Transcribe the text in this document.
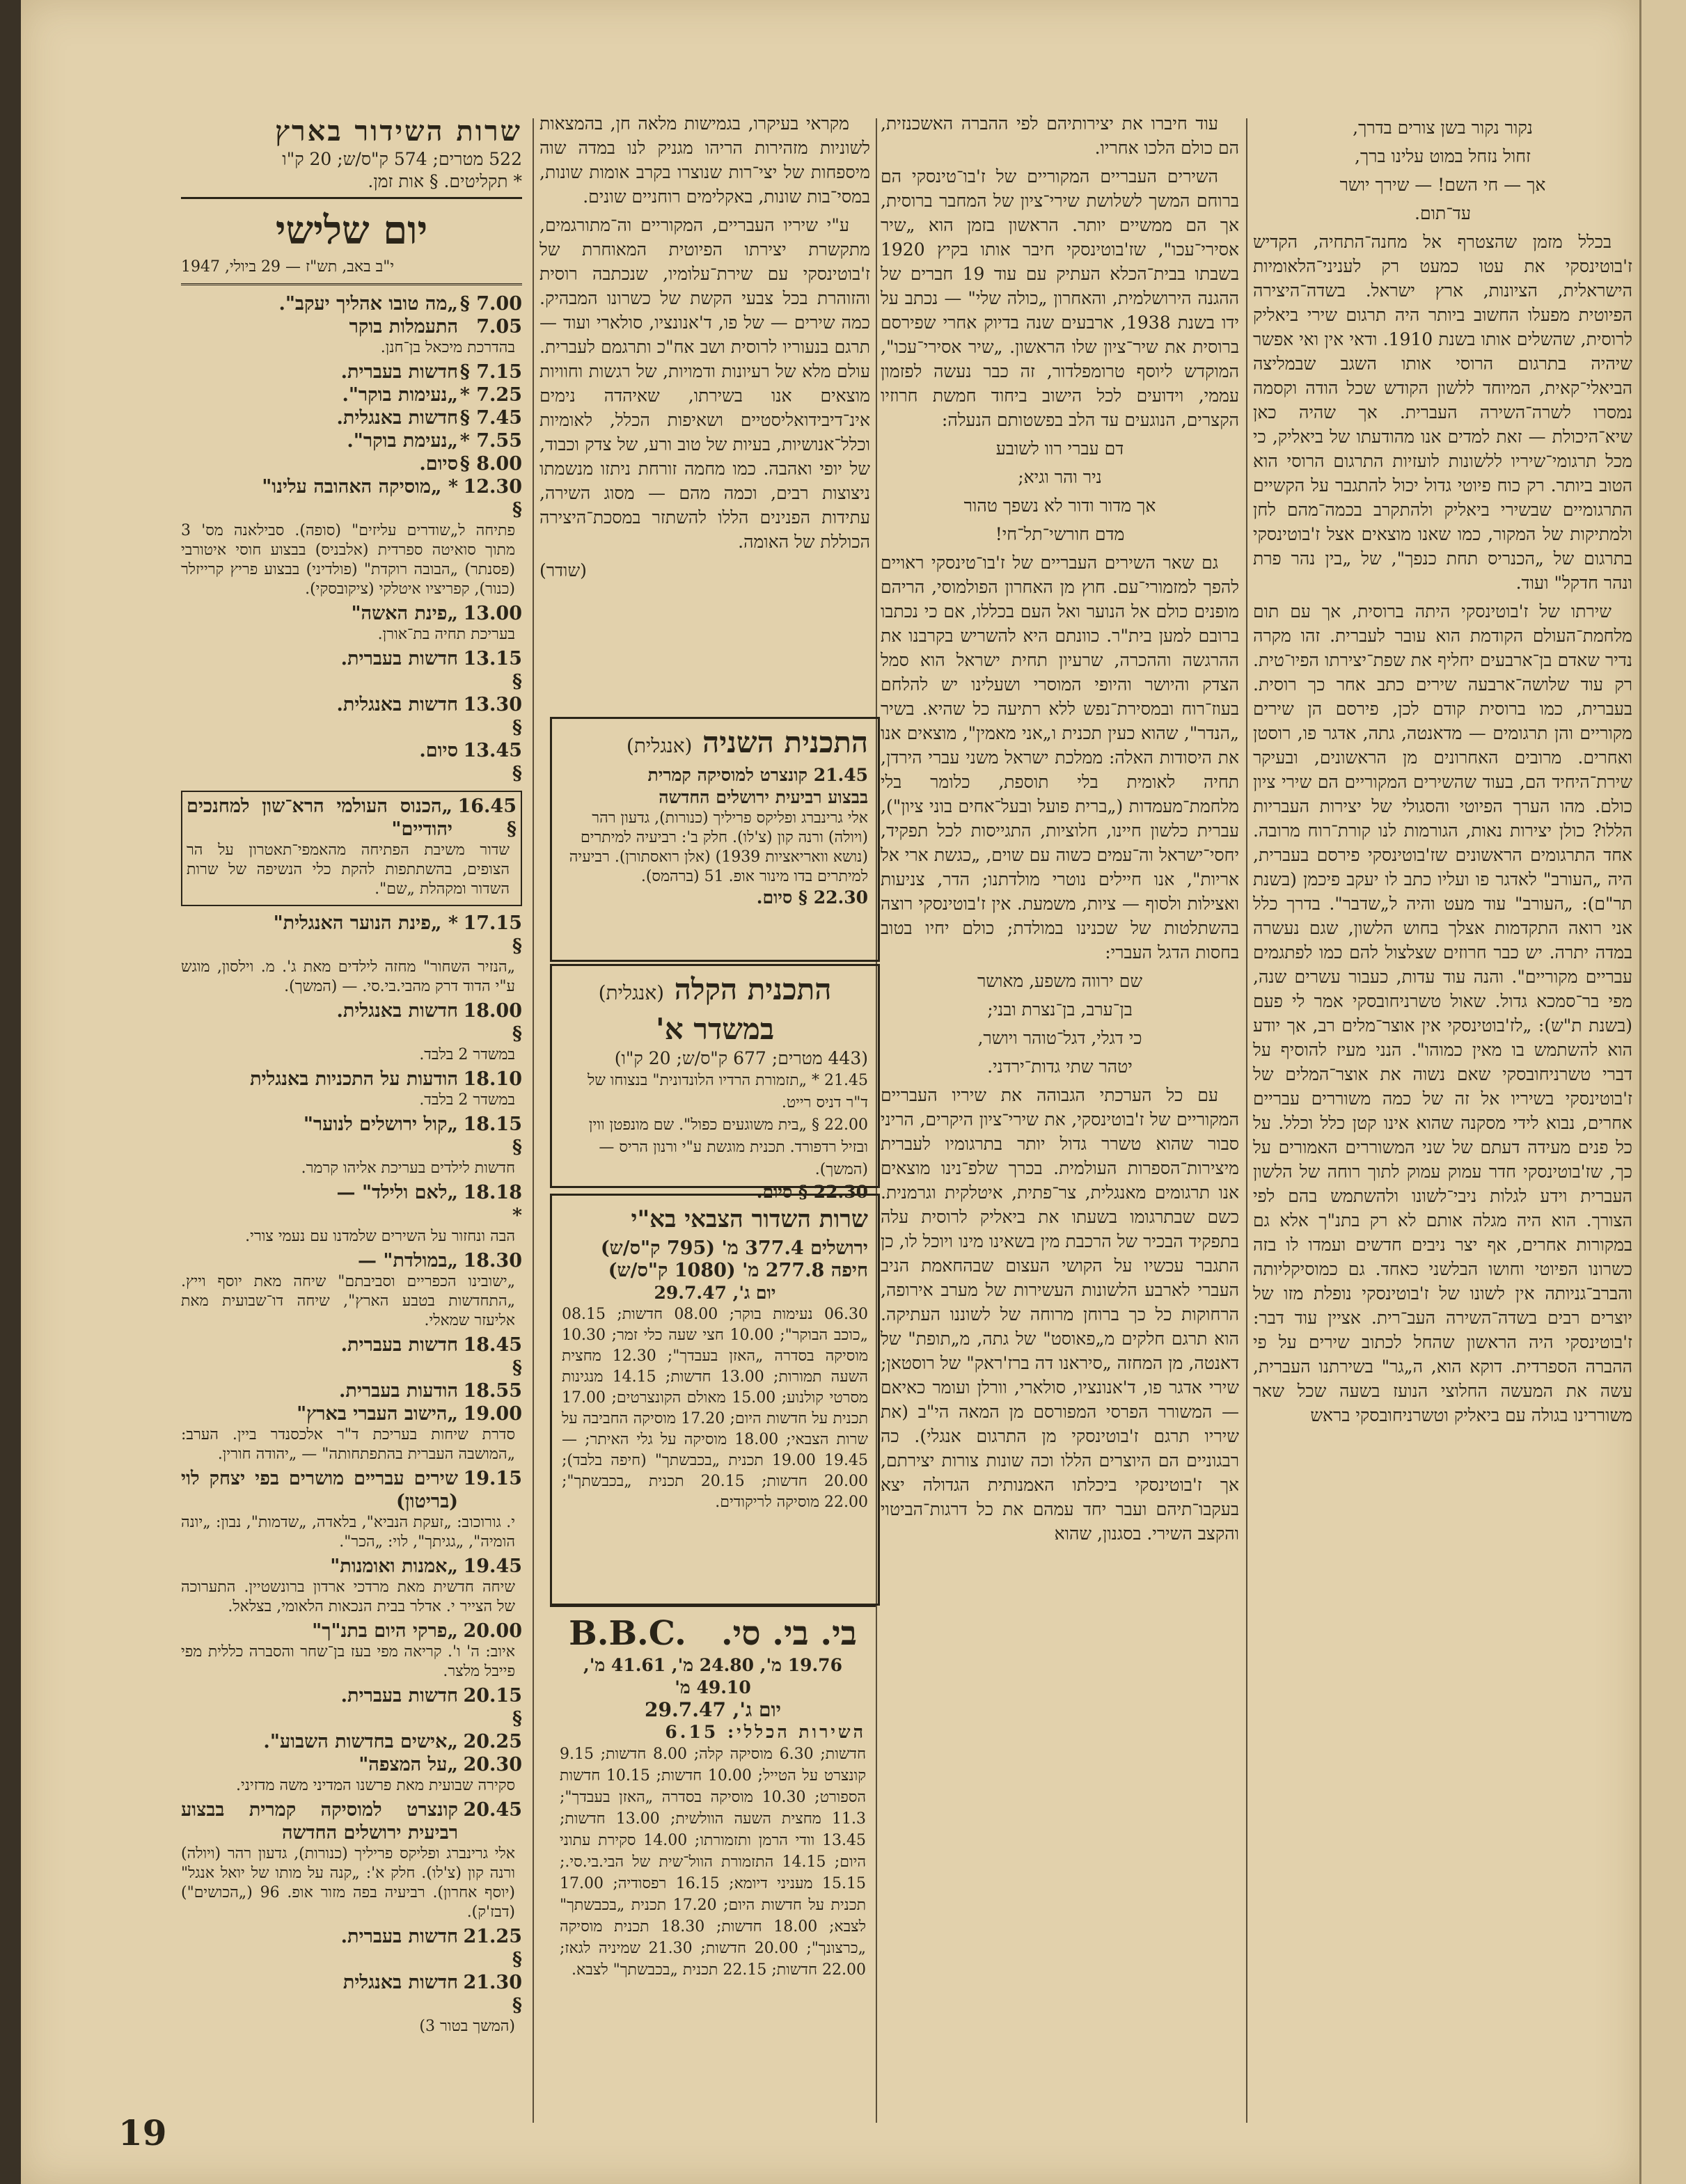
נקור נקור בשן צורים בדרך,

זחול נזחל במוט עלינו ברך,

אך — חי השם! — שירך יושר

עד־תום.

בכלל מזמן שהצטרף אל מחנה־התחיה, הקדיש ז'בוטינסקי את עטו כמעט רק לעניני־הלאומיות הישראלית, הציונות, ארץ ישראל. בשדה־היצירה הפיוטית מפעלו החשוב ביותר היה תרגום שירי ביאליק לרוסית, שהשלים אותו בשנת 1910. ודאי אין ואי אפשר שיהיה בתרגום הרוסי אותו השגב שבמליצה הביאלי־קאית, המיוחד ללשון הקודש שכל הודה וקסמה נמסרו לשרה־השירה העברית. אך שהיה כאן שיא־היכולת — זאת למדים אנו מהודעתו של ביאליק, כי מכל תרגומי־שיריו ללשונות לועזיות התרגום הרוסי הוא הטוב ביותר. רק כוח פיוטי גדול יכול להתגבר על הקשיים התרגומיים שבשירי ביאליק ולהתקרב בכמה־מהם לחן ולמתיקות של המקור, כמו שאנו מוצאים אצל ז'בוטינסקי בתרגום של „הכנריס תחת כנפך", של „בין נהר פרת ונהר חדקל" ועוד.

שירתו של ז'בוטינסקי היתה ברוסית, אך עם תום מלחמת־העולם הקודמת הוא עובר לעברית. זהו מקרה נדיר שאדם בן־ארבעים יחליף את שפת־יצירתו הפיו־טית. רק עוד שלושה־ארבעה שירים כתב אחר כך רוסית. בעברית, כמו ברוסית קודם לכן, פירסם הן שירים מקוריים והן תרגומים — מדאנטה, גתה, אדגר פו, רוסטן ואחרים. מרובים האחרונים מן הראשונים, ובעיקר שירת־היחיד הם, בעוד שהשירים המקוריים הם שירי ציון כולם. מהו הערך הפיוטי והסגולי של יצירות העבריות הללו? כולן יצירות נאות, הגורמות לנו קורת־רוח מרובה. אחד התרגומים הראשונים שז'בוטינסקי פירסם בעברית, היה „העורב" לאדגר פו ועליו כתב לו יעקב פיכמן (בשנת תר"ם): „העורב" עוד מעט והיה ל„שדבר". בדרך כלל אני רואה התקדמות אצלך בחוש הלשון, שגם נעשרה במדה יתרה. יש כבר חרוזים שצלצול להם כמו לפתגמים עבריים מקוריים". והנה עוד עדות, כעבור עשרים שנה, מפי בר־סמכא גדול. שאול טשרניחובסקי אמר לי פעם (בשנת ת"ש): „לז'בוטינסקי אין אוצר־מלים רב, אך יודע הוא להשתמש בו מאין כמוהו". הנני מעיז להוסיף על דברי טשרניחובסקי שאם נשוה את אוצר־המלים של ז'בוטינסקי בשיריו אל זה של כמה משוררים עבריים אחרים, נבוא לידי מסקנה שהוא אינו קטן כלל וכלל. על כל פנים מעידה דעתם של שני המשוררים האמורים על כך, שז'בוטינסקי חדר עמוק עמוק לתוך רוחה של הלשון העברית וידע לגלות ניבי־לשונו ולהשתמש בהם לפי הצורך. הוא היה מגלה אותם לא רק בתנ"ך אלא גם במקורות אחרים, אף יצר ניבים חדשים ועמדו לו בזה כשרונו הפיוטי וחושו הבלשני כאחד. גם כמוסיקליותה והברב־גניותה אין לשונו של ז'בוטינסקי נופלת מזו של יוצרים רבים בשדה־השירה העב־רית. אציין עוד דבר: ז'בוטינסקי היה הראשון שהחל לכתוב שירים על פי ההברה הספרדית. דוקא הוא, ה„גר" בשירתנו העברית, עשה את המעשה החלוצי הנועז בשעה שכל שאר משוררינו בגולה עם ביאליק וטשרניחובסקי בראש

עוד חיברו את יצירותיהם לפי ההברה האשכנזית, הם כולם הלכו אחריו.

השירים העבריים המקוריים של ז'בו־טינסקי הם ברוחם המשך לשלושת שירי־ציון של המחבר ברוסית, אך הם ממשיים יותר. הראשון בזמן הוא „שיר אסירי־עכו", שז'בוטינסקי חיבר אותו בקיץ 1920 בשבתו בבית־הכלא העתיק עם עוד 19 חברים של ההגנה הירושלמית, והאחרון „כולה שלי" — נכתב על ידו בשנת 1938, ארבעים שנה בדיוק אחרי שפירסם ברוסית את שיר־ציון שלו הראשון. „שיר אסירי־עכו", המוקדש ליוסף טרומפלדור, זה כבר נעשה לפזמון עממי, וידועים לכל הישוב ביחוד חמשת חרוזיו הקצרים, הנוגעים עד הלב בפשטותם הנעלה:

דם עברי רוו לשובע

ניר והר וגיא;

אך מדור ודור לא נשפך טהור

מדם חורשי־תל־חי!

גם שאר השירים העבריים של ז'בו־טינסקי ראויים להפך למזמורי־עם. חוץ מן האחרון הפולמוסי, הריהם מופנים כולם אל הנוער ואל העם בכללו, אם כי נכתבו ברובם למען בית"ר. כוונתם היא להשריש בקרבנו את ההרגשה וההכרה, שרעיון תחית ישראל הוא סמל הצדק והיושר והיופי המוסרי ושעלינו יש להלחם בעוז־רוח ובמסירת־נפש ללא רתיעה כל שהיא. בשיר „הנדר", שהוא כעין תכנית ו„אני מאמין", מוצאים אנו את היסודות האלה: ממלכת ישראל משני עברי הירדן, תחיה לאומית בלי תוספת, כלומר בלי מלחמת־מעמדות („ברית פועל ובעל־אחים בוני ציון"), עברית כלשון חיינו, חלוציות, התגייסות לכל תפקיד, יחסי־ישראל וה־עמים כשוה עם שוים, „כגשת ארי אל אריות", אנו חיילים נוטרי מולדתנו; הדר, צניעות ואצילות ולסוף — ציות, משמעת. אין ז'בוטינסקי רוצה בהשתלטות של שכנינו במולדת; כולם יחיו בטוב בחסות הדגל העברי:

שם ירווה משפע, מאושר

בן־ערב, בן־נצרת ובני;

כי דגלי, דגל־טוהר ויושר,

יטהר שתי גדות־ירדני.

עם כל הערכתי הגבוהה את שיריו העבריים המקוריים של ז'בוטינסקי, את שירי־ציון היקרים, הריני סבור שהוא טשרר גדול יותר בתרגומיו לעברית מיצירות־הספרות העולמית. בכרך שלפ־נינו מוצאים אנו תרגומים מאנגלית, צר־פתית, איטלקית וגרמנית. כשם שבתרגומו בשעתו את ביאליק לרוסית עלה בתפקיד הבכיר של הרכבת מין בשאינו מינו ויוכל לו, כן התגבר עכשיו על הקושי העצום שבהחאמת הניב העברי לארבע הלשונות העשירות של מערב אירופה, הרחוקות כל כך ברוחן מרוחה של לשוננו העתיקה. הוא תרגם חלקים מ„פאוסט" של גתה, מ„תופת" של דאנטה, מן המחזה „סיראנו דה ברז'ראק" של רוסטאן; שירי אדגר פו, ד'אנונציו, סולארי, וורלן ועומר כאיאם — המשורר הפרסי המפורסם מן המאה הי"ב (את שיריו תרגם ז'בוטינסקי מן התרגום אנגלי). כה רבגוניים הם היוצרים הללו וכה שונות צורות יצירתם, אך ז'בוטינסקי ביכלתו האמנותית הגדולה יצא בעקבו־תיהם ועבר יחד עמהם את כל דרגות־הביטוי והקצב השירי. בסגנון, שהוא

מקראי בעיקרו, בגמישות מלאה חן, בהמצאות לשוניות מזהירות הריהו מגניק לנו במדה שוה מיספחות של יצי־רות שנוצרו בקרב אומות שונות, במסי־בות שונות, באקלימים רוחניים שונים.

ע"י שיריו העבריים, המקוריים וה־מתורגמים, מתקשרת יצירתו הפיוטית המאוחרת של ז'בוטינסקי עם שירת־עלומיו, שנכתבה רוסית והזוהרת בכל צבעי הקשת של כשרונו המבהיק. כמה שירים — של פו, ד'אנונציו, סולארי ועוד — תרגם בנעוריו לרוסית ושב אח"כ ותרגמם לעברית. עולם מלא של רעיונות ודמויות, של רגשות וחוויות מוצאים אנו בשירתו, שאיהדה נימים אינ־דיבידואליסטיים ושאיפות הכלל, לאומיות וכלל־אנושיות, בעיות של טוב ורע, של צדק וכבוד, של יופי ואהבה. כמו מחמה זורחת ניתזו מנשמתו ניצוצות רבים, וכמה מהם — מסוג השירה, עתידות הפנינים הללו להשתזר במסכת־היצירה הכוללת של האומה.

(שודר)

התכנית השניה (אנגלית)
21.45 קונצרט למוסיקה קמרית
בבצוע רביעית ירושלים החדשה
אלי גרינברג ופליקס פריליך (כנורות), גדעון רהר (ויולה) ורנה קון (צ'לו). חלק ב': רביעיה למיתרים (נושא וואריאציות 1939) (אלן רואסתורן). רביעיה למיתרים בדו מינור אופ. 51 (ברהמס).
22.30 § סיום.
התכנית הקלה (אנגלית)
במשדר א'
(443 מטרים; 677 ק"ס/ש; 20 ק"ו)
21.45 * „תזמורת הרדיו הלונדונית" בנצוחו של ד"ר דניס רייט.
22.00 § „בית משוגעים כפול". שם מונפטן ווין ובזיל רדפורד. תכנית מוגשת ע"י ורנון הריס — (המשך).
22.30 § סיום.
שרות השדור הצבאי בא"י
ירושלים 377.4 מ' (795 ק"ס/ש)
חיפה 277.8 מ' (1080 ק"ס/ש)
יום ג', 29.7.47
06.30 נעימות בוקר; 08.00 חדשות; 08.15 „כוכב הבוקר"; 10.00 חצי שעה כלי זמר; 10.30 מוסיקה בסדרה „האזן בעבדך"; 12.30 מחצית השעה תמורות; 13.00 חדשות; 14.15 מנגינות מסרטי קולנוע; 15.00 מאולם הקונצרטים; 17.00 תכנית על חדשות היום; 17.20 מוסיקה החביבה על שרות הצבאי; 18.00 מוסיקה על גלי האיתר; — 19.45 19.00 תכנית „בכבשתך" (חיפה בלבד); 20.00 חדשות; 20.15 תכנית „בכבשתך"; 22.00 מוסיקה לריקודים.
בי. בי. סי.   B.B.C.
19.76 מ', 24.80 מ', 41.61 מ', 49.10 מ'
יום ג', 29.7.47
השירות הכללי: 6.15
חדשות; 6.30 מוסיקה קלה; 8.00 חדשות; 9.15 קונצרט על הטייל; 10.00 חדשות; 10.15 חדשות הספורט; 10.30 מוסיקה בסדרה „האזן בעבדך"; 11.3 מחצית השעה הוולשית; 13.00 חדשות; 13.45 וודי הרמן ותזמורתו; 14.00 סקירת עתוני היום; 14.15 התזמורת הוול־שית של הבי.בי.סי.; 15.15 מעניני דיומא; 16.15 רפסודיה; 17.00 תכנית על חדשות היום; 17.20 תכנית „בכבשתך" לצבא; 18.00 חדשות; 18.30 תכנית מוסיקה „כרצונך"; 20.00 חדשות; 21.30 שמיניה לגאז; 22.00 חדשות; 22.15 תכנית „בכבשתך" לצבא.
שרות השידור בארץ
522 מטרים; 574 ק"ס/ש; 20 ק"ו
* תקליטים. § אות זמן.
יום שלישי
י"ב באב, תש"ז — 29 ביולי, 1947
7.00 §
„מה טובו אהליך יעקב".
7.05
התעמלות בוקר
בהדרכת מיכאל בן־חנן.
7.15 §
חדשות בעברית.
7.25 *
„נעימות בוקר".
7.45 §
חדשות באנגלית.
7.55 *
„נעימת בוקר".
8.00 §
סיום.
12.30 §
* „מוסיקה האהובה עלינו"
פתיחה ל„שודרים עליזים" (סופה). סבילאנה מס' 3 מתוך סואיטה ספרדית (אלבניס) בבצוע חוסי איטורבי (פסנתר) „הבובה רוקדת" (פולדיני) בבצוע פריץ קרייזלר (כנור), קפריציו איטלקי (ציקובסקי).
13.00
„פינת האשה"
בעריכת תחיה בת־אורן.
13.15 §
חדשות בעברית.
13.30 §
חדשות באנגלית.
13.45 §
סיום.
16.45 §
„הכנוס העולמי הרא־שון למחנכים יהודיים"
שדור משיבת הפתיחה מהאמפי־תאטרון על הר הצופים, בהשתתפות להקת כלי הנשיפה של שרות השדור ומקהלת „שם".
17.15 §
* „פינת הנוער האנגלית"
„הנזיר השחור" מחזה לילדים מאת ג'. מ. וילסון, מוגש ע"י הדוד דרק מהבי.בי.סי. — (המשך).
18.00 §
חדשות באנגלית.
במשדר 2 בלבד.
18.10
הודעות על התכניות באנגלית
במשדר 2 בלבד.
18.15 §
„קול ירושלים לנוער"
חדשות לילדים בעריכת אליהו קרמר.
18.18 *
„לאם ולילד" —
הבה ונחזור על השירים שלמדנו עם נעמי צורי.
18.30
„במולדת" —
„ישובינו הכפריים וסביבתם" שיחה מאת יוסף וייץ. „התחדשות בטבע הארץ", שיחה דו־שבועית מאת אליעזר שמאלי.
18.45 §
חדשות בעברית.
18.55
הודעות בעברית.
19.00
„הישוב העברי בארץ"
סדרת שיחות בעריכת ד"ר אלכסנדר ביין. הערב: „המושבה העברית בהתפתחותה" — „יהודה חורין.
19.15
שירים עבריים מושרים בפי יצחק לוי (בריטון)
י. גורוכוב: „זעקת הנביא", בלאדה, „שדמות", נבון: „יונה הומיה", „גגיתך", לוי: „הכר".
19.45
„אמנות ואומנות"
שיחה חדשית מאת מרדכי ארדון ברונשטיין. התערוכה של הצייר י. אדלר בבית הנכאות הלאומי, בצלאל.
20.00
„פרקי היום בתנ"ך"
איוב: ה' ו'. קריאה מפי בעז בן־שחר והסברה כללית מפי פייבל מלצר.
20.15 §
חדשות בעברית.
20.25
„אישים בחדשות השבוע".
20.30
„על המצפה"
סקירה שבועית מאת פרשנו המדיני משה מדזיני.
20.45
קונצרט למוסיקה קמרית בבצוע רביעית ירושלים החדשה
אלי גרינברג ופליקס פריליך (כנורות), גדעון רהר (ויולה) ורנה קון (צ'לו). חלק א': „קנה על מותו של יואל אנגל" (יוסף אחרון). רביעיה בפה מזור אופ. 96 („הכושים") (דבז'ק).
21.25 §
חדשות בעברית.
21.30 §
חדשות באנגלית
(המשך בטור 3)
19
